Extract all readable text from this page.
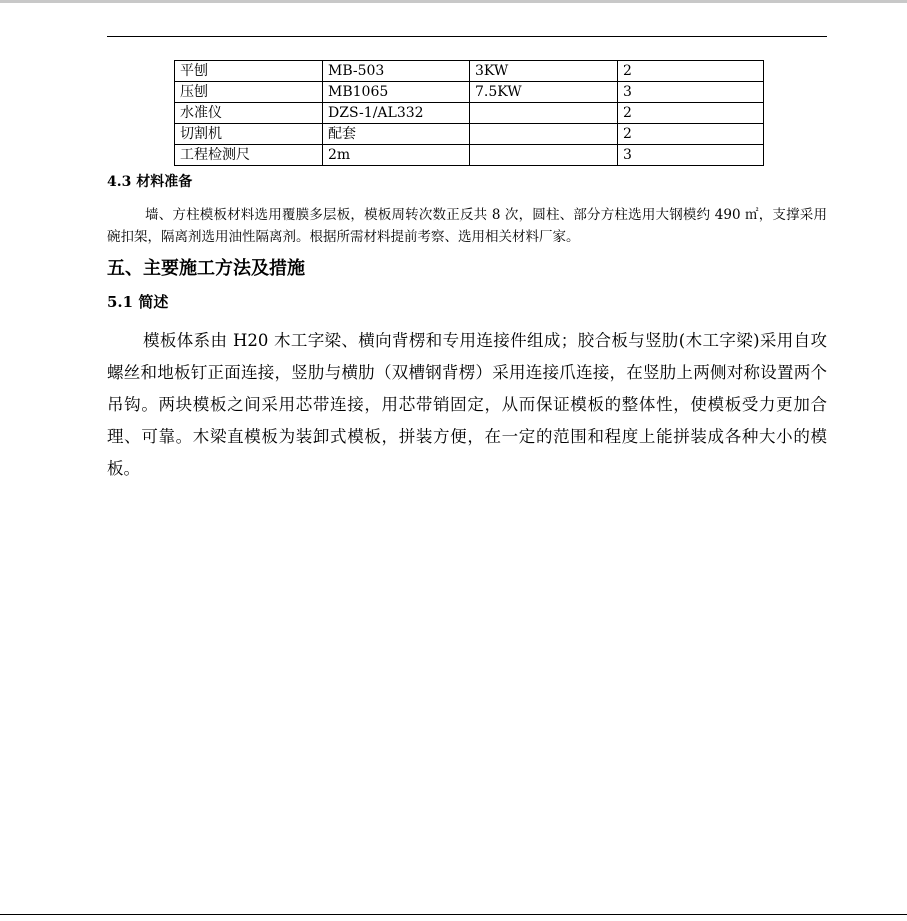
平刨	MB-503	3KW	2
压刨	MB1065	7.5KW	3
水准仪	DZS-1/AL332		2
切割机	配套		2
工程检测尺	2m		3
4.3 材料准备

墙、方柱模板材料选用覆膜多层板，模板周转次数正反共 8 次，圆柱、部分方柱选用大钢模约 490 ㎡，支撑采用碗扣架，隔离剂选用油性隔离剂。根据所需材料提前考察、选用相关材料厂家。

五、主要施工方法及措施
5.1 简述

模板体系由 H20 木工字梁、横向背楞和专用连接件组成；胶合板与竖肋(木工字梁)采用自攻螺丝和地板钉正面连接，竖肋与横肋（双槽钢背楞）采用连接爪连接，在竖肋上两侧对称设置两个吊钩。两块模板之间采用芯带连接，用芯带销固定，从而保证模板的整体性，使模板受力更加合理、可靠。木梁直模板为装卸式模板，拼装方便，在一定的范围和程度上能拼装成各种大小的模板。
